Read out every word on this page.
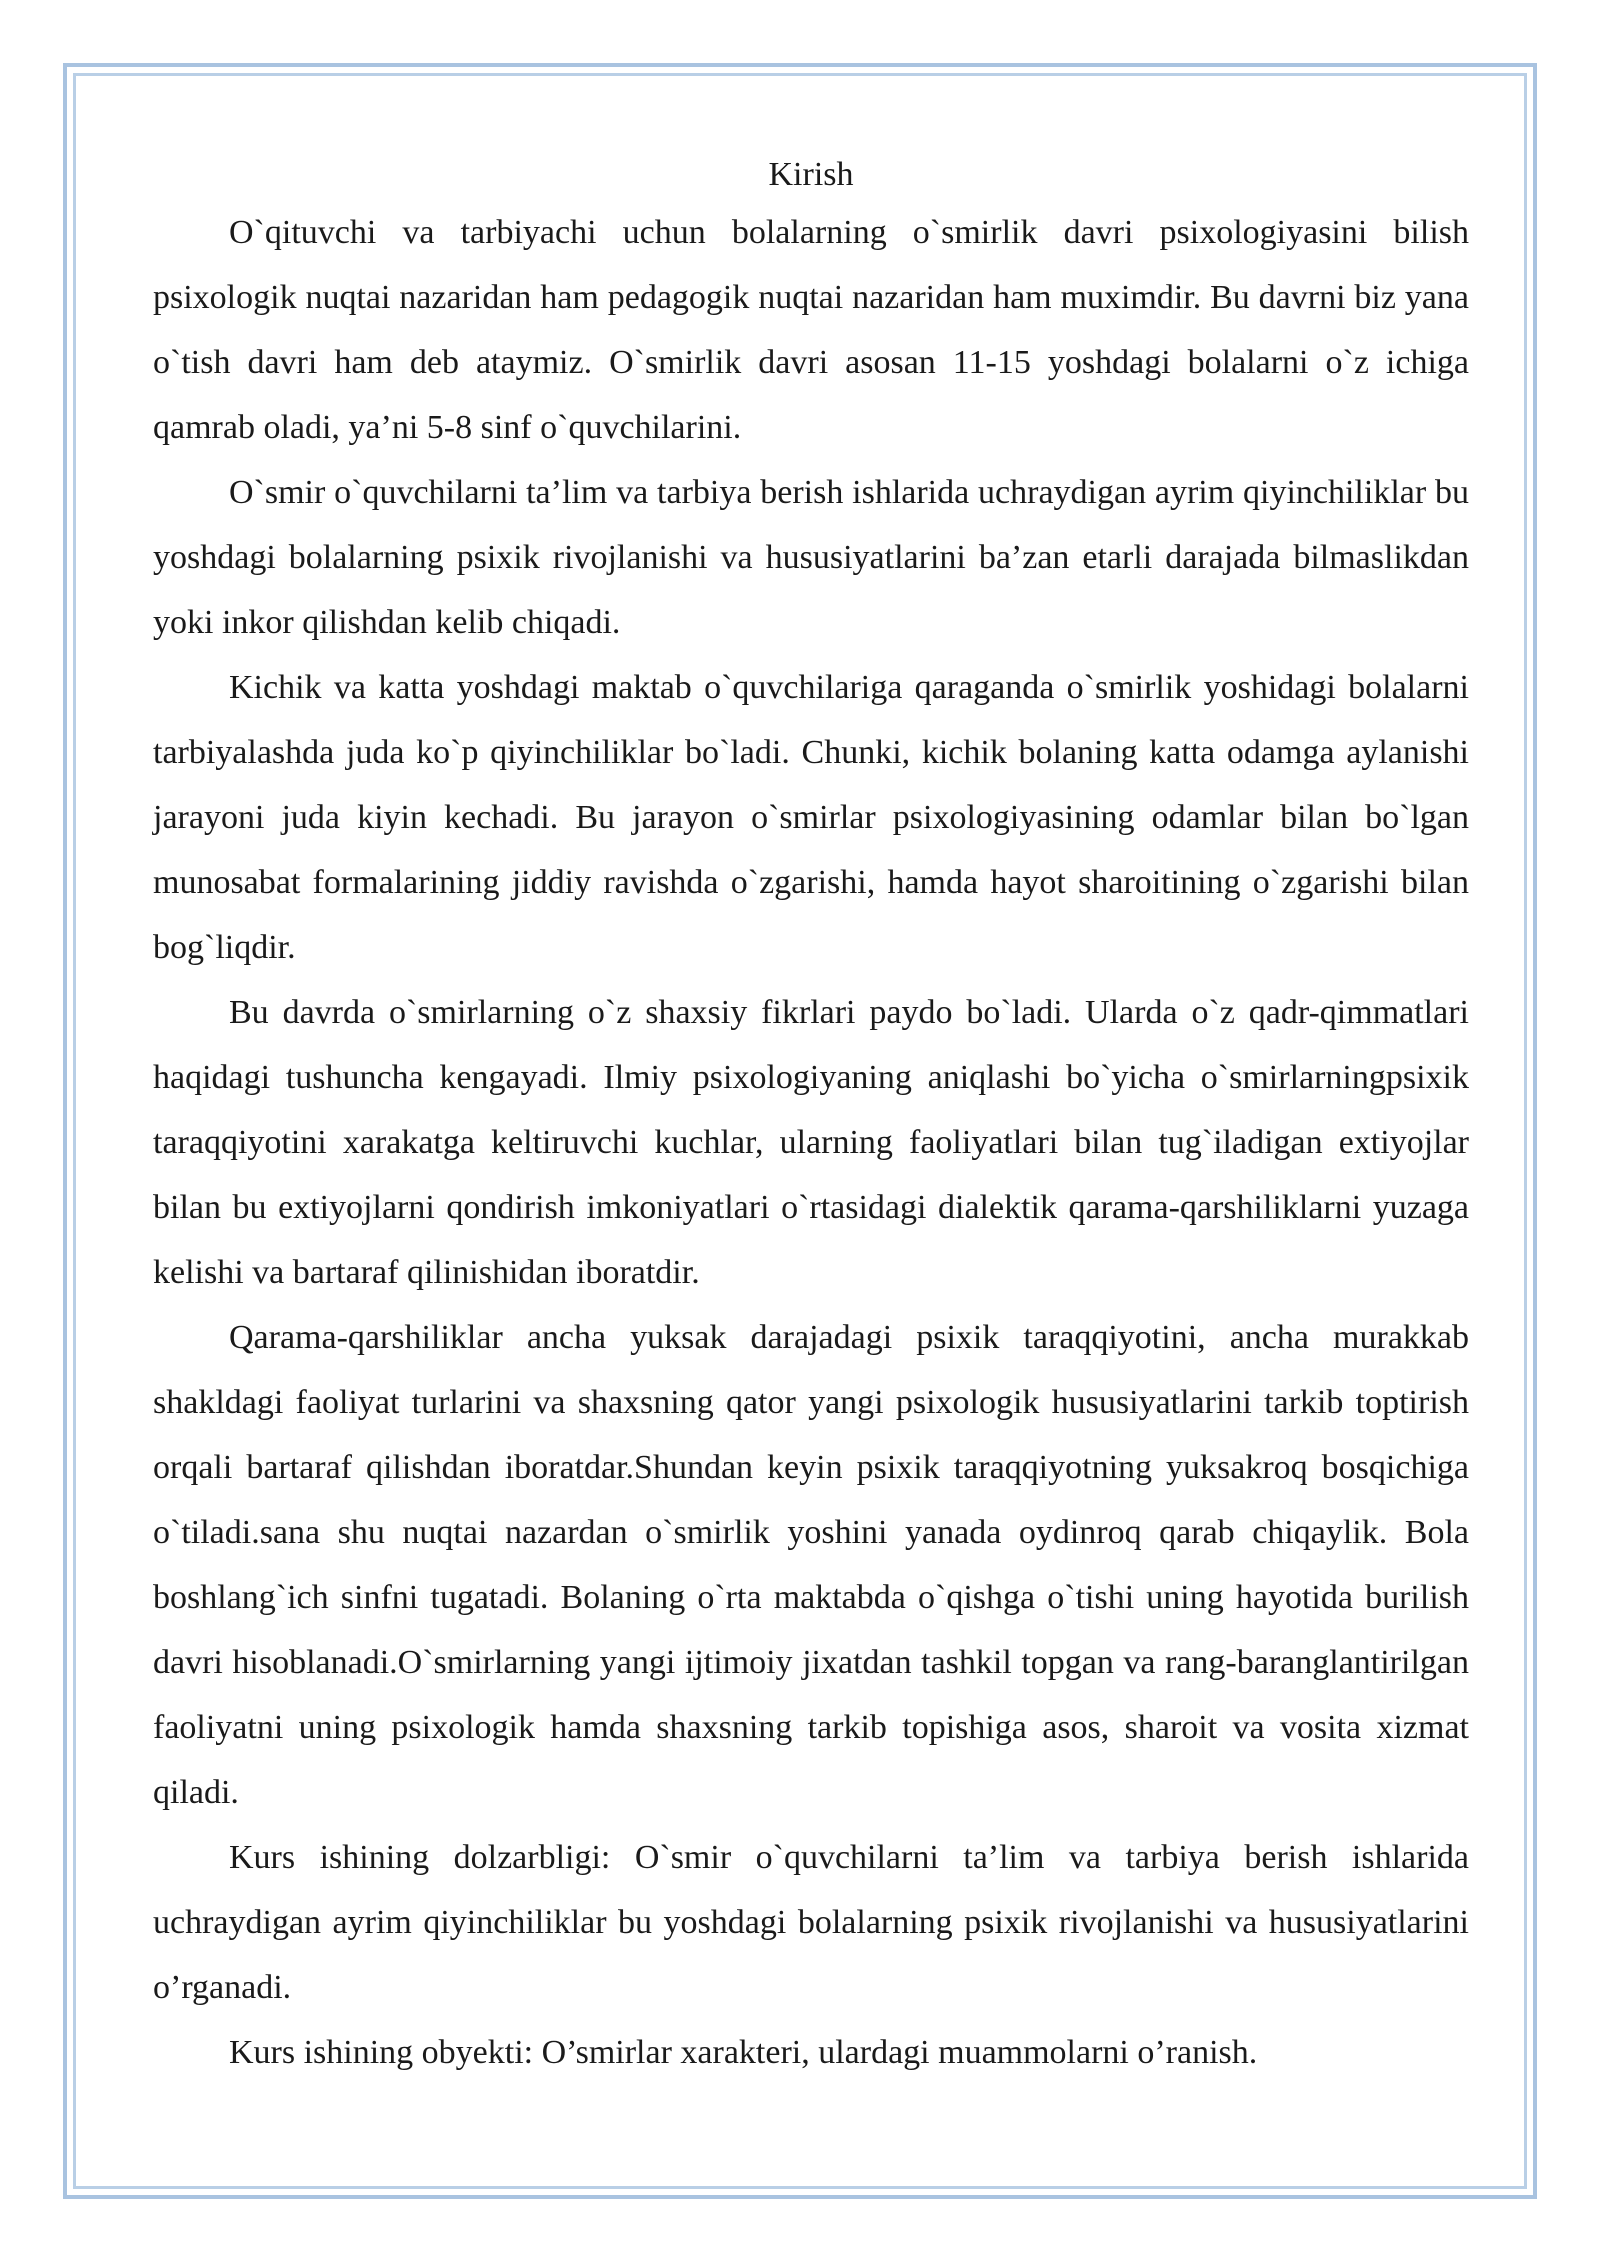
Kirish

O`qituvchi va tarbiyachi uchun bolalarning o`smirlik davri psixologiyasini bilish psixologik nuqtai nazaridan ham pedagogik nuqtai nazaridan ham muximdir. Bu davrni biz yana o`tish davri ham deb ataymiz. O`smirlik davri asosan 11-15 yoshdagi bolalarni o`z ichiga qamrab oladi, ya’ni 5-8 sinf o`quvchilarini.

O`smir o`quvchilarni ta’lim va tarbiya berish ishlarida uchraydigan ayrim qiyinchiliklar bu yoshdagi bolalarning psixik rivojlanishi va hususiyatlarini ba’zan etarli darajada bilmaslikdan yoki inkor qilishdan kelib chiqadi.

Kichik va katta yoshdagi maktab o`quvchilariga qaraganda o`smirlik yoshidagi bolalarni tarbiyalashda juda ko`p qiyinchiliklar bo`ladi. Chunki, kichik bolaning katta odamga aylanishi jarayoni juda kiyin kechadi. Bu jarayon o`smirlar psixologiyasining odamlar bilan bo`lgan munosabat formalarining jiddiy ravishda o`zgarishi, hamda hayot sharoitining o`zgarishi bilan bog`liqdir.

Bu davrda o`smirlarning o`z shaxsiy fikrlari paydo bo`ladi. Ularda o`z qadr-qimmatlari haqidagi tushuncha kengayadi. Ilmiy psixologiyaning aniqlashi bo`yicha o`smirlarningpsixik taraqqiyotini xarakatga keltiruvchi kuchlar, ularning faoliyatlari bilan tug`iladigan extiyojlar bilan bu extiyojlarni qondirish imkoniyatlari o`rtasidagi dialektik qarama-qarshiliklarni yuzaga kelishi va bartaraf qilinishidan iboratdir.

Qarama-qarshiliklar ancha yuksak darajadagi psixik taraqqiyotini, ancha murakkab shakldagi faoliyat turlarini va shaxsning qator yangi psixologik hususiyatlarini tarkib toptirish orqali bartaraf qilishdan iboratdar.Shundan keyin psixik taraqqiyotning yuksakroq bosqichiga o`tiladi.sana shu nuqtai nazardan o`smirlik yoshini yanada oydinroq qarab chiqaylik. Bola boshlang`ich sinfni tugatadi. Bolaning o`rta maktabda o`qishga o`tishi uning hayotida burilish davri hisoblanadi.O`smirlarning yangi ijtimoiy jixatdan tashkil topgan va rang-baranglantirilgan faoliyatni uning psixologik hamda shaxsning tarkib topishiga asos, sharoit va vosita xizmat qiladi.

Kurs ishining dolzarbligi: O`smir o`quvchilarni ta’lim va tarbiya berish ishlarida uchraydigan ayrim qiyinchiliklar bu yoshdagi bolalarning psixik rivojlanishi va hususiyatlarini o’rganadi.

Kurs ishining obyekti: O’smirlar xarakteri, ulardagi muammolarni o’ranish.
